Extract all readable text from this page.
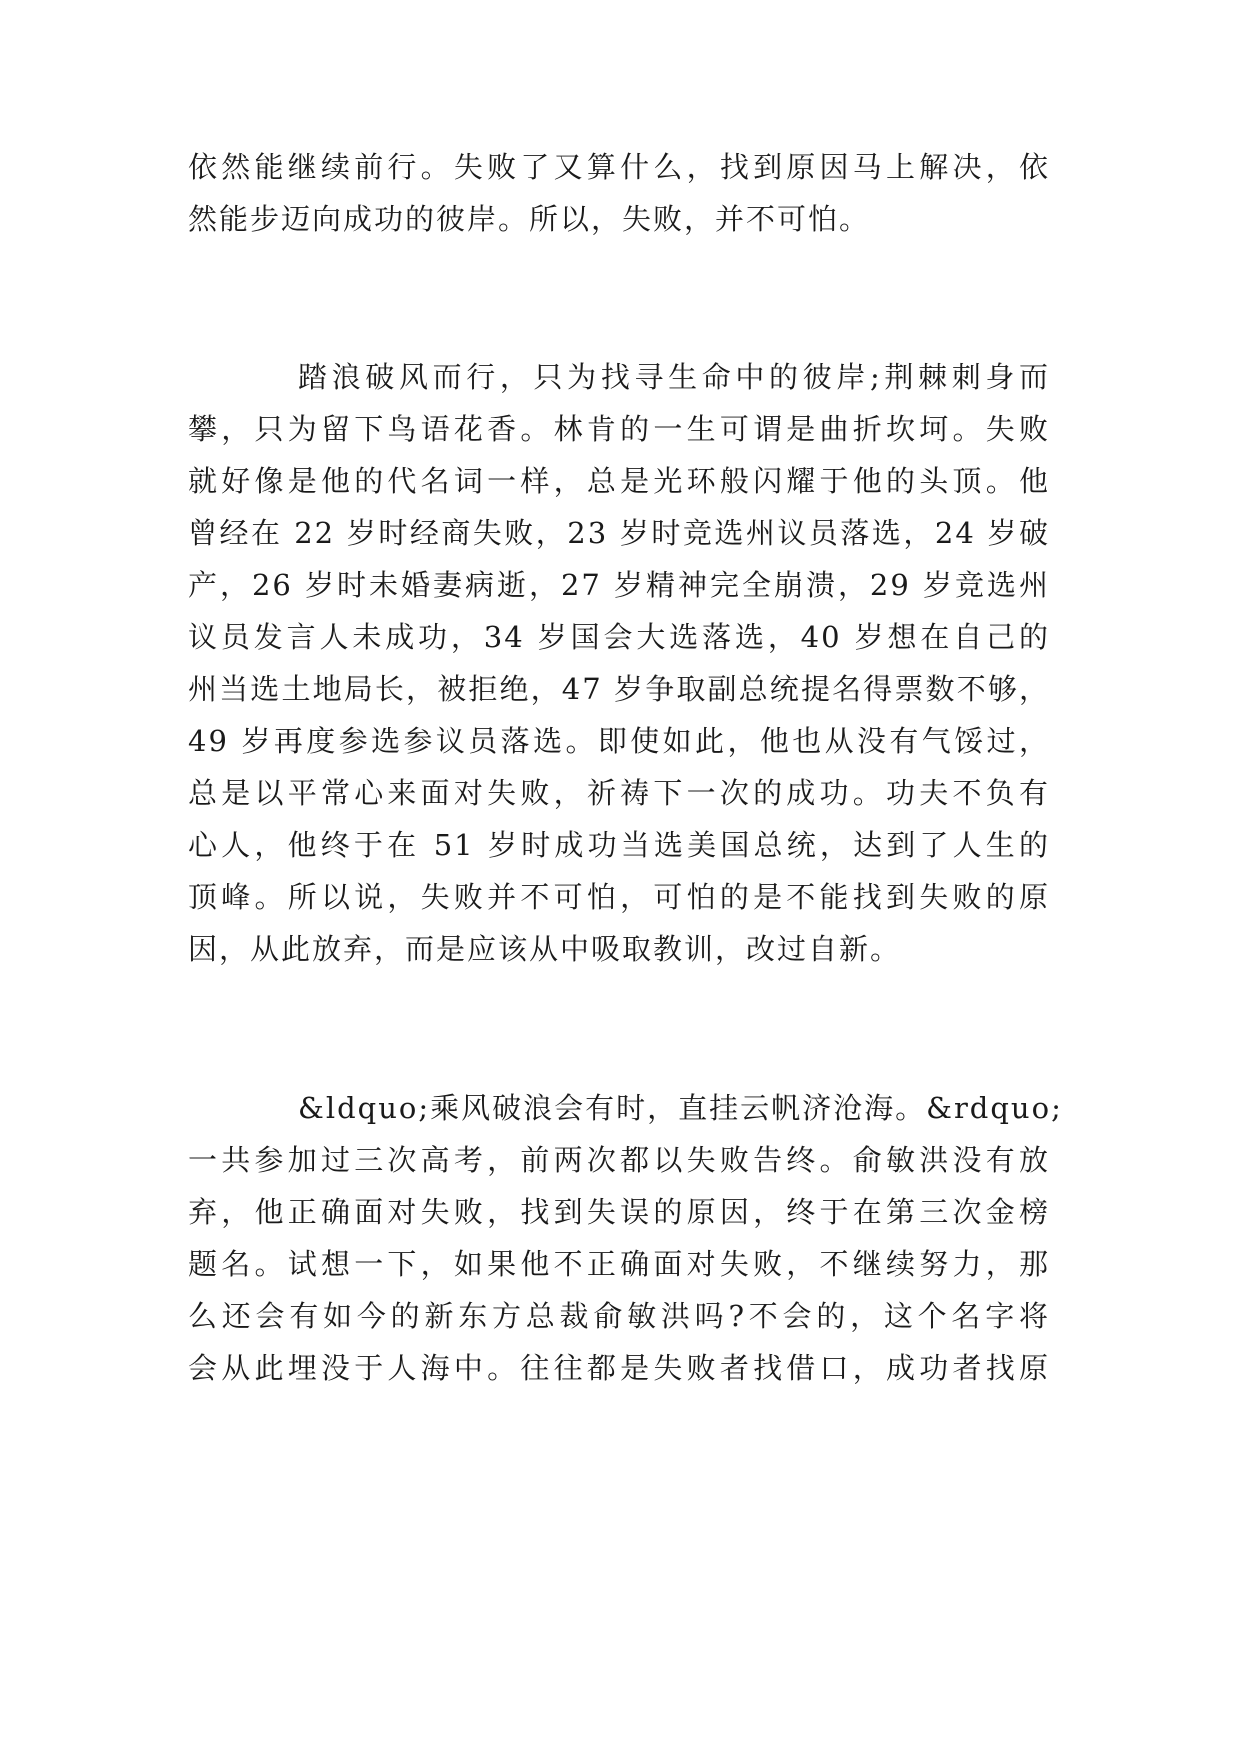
依然能继续前行。失败了又算什么，找到原因马上解决，依
然能步迈向成功的彼岸。所以，失败，并不可怕。
踏浪破风而行，只为找寻生命中的彼岸;荆棘刺身而
攀，只为留下鸟语花香。林肯的一生可谓是曲折坎坷。失败
就好像是他的代名词一样，总是光环般闪耀于他的头顶。他
曾经在 22 岁时经商失败，23 岁时竞选州议员落选，24 岁破
产，26 岁时未婚妻病逝，27 岁精神完全崩溃，29 岁竞选州
议员发言人未成功，34 岁国会大选落选，40 岁想在自己的
州当选土地局长，被拒绝，47 岁争取副总统提名得票数不够，
49 岁再度参选参议员落选。即使如此，他也从没有气馁过，
总是以平常心来面对失败，祈祷下一次的成功。功夫不负有
心人，他终于在 51 岁时成功当选美国总统，达到了人生的
顶峰。所以说，失败并不可怕，可怕的是不能找到失败的原
因，从此放弃，而是应该从中吸取教训，改过自新。
&ldquo;乘风破浪会有时，直挂云帆济沧海。&rdquo;
一共参加过三次高考，前两次都以失败告终。俞敏洪没有放
弃，他正确面对失败，找到失误的原因，终于在第三次金榜
题名。试想一下，如果他不正确面对失败，不继续努力，那
么还会有如今的新东方总裁俞敏洪吗?不会的，这个名字将
会从此埋没于人海中。往往都是失败者找借口，成功者找原
